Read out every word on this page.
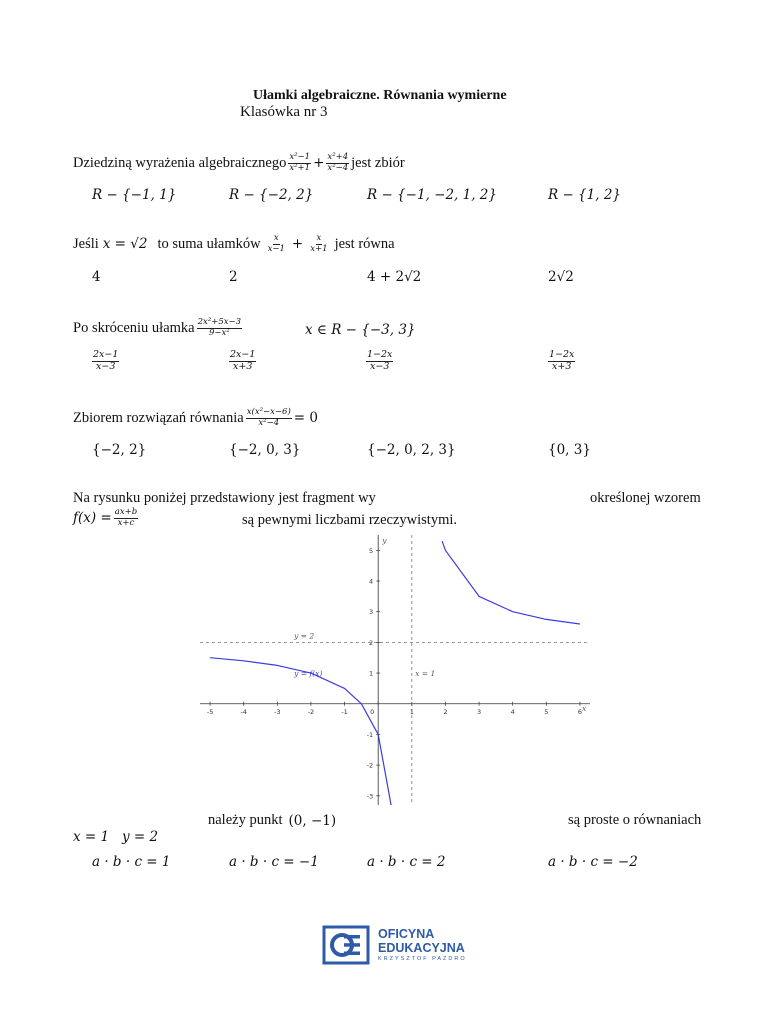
Ułamki algebraiczne. Równania wymierne
Klasówka nr 3
Dziedziną wyrażenia algebraicznego $\frac{\text{x²−1}}{\text{x²+1}} + \frac{\text{x²+4}}{\text{x²−4}}$ jest zbiór
R − {−1, 1}	R − {−2, 2}	R − {−1, −2, 1, 2}	R − {1, 2}
Jeśli x = √2 to suma ułamków $\frac{x}{x-1} + \frac{x}{x+1}$ jest równa
4	2	4 + 2√2	2√2
Po skróceniu ułamka $\frac{\text{2x²+5x−3}}{\text{9−x²}}$	x ∈ R − {−3, 3}
$\frac{2x-1}{x-3}$	$\frac{2x-1}{x+3}$	$\frac{1-2x}{x-3}$	$\frac{1-2x}{x+3}$
Zbiorem rozwiązań równania $\frac{\text{x(x²−x−6)}}{\text{x²−4}} = 0$
{−2, 2}	{−2, 0, 3}	{−2, 0, 2, 3}	{0, 3}
Na rysunku poniżej przedstawiony jest fragment wy	określonej wzorem
$f(x) = \frac{ax+b}{x+c}$	są pewnymi liczbami rzeczywistymi.
-5	-4	-3	-2	-1	0	1	2	3	4	5	6
5
4
3
2
1
-1
-2
-3
y = 2
x = 1
y = f(x)
x
y
należy punkt (0, −1)	są proste o równaniach
x = 1   y = 2
a · b · c = 1	a · b · c = −1	a · b · c = 2	a · b · c = −2
OFICYNA
EDUKACYJNA
KRZYSZTOF PAZDRO
